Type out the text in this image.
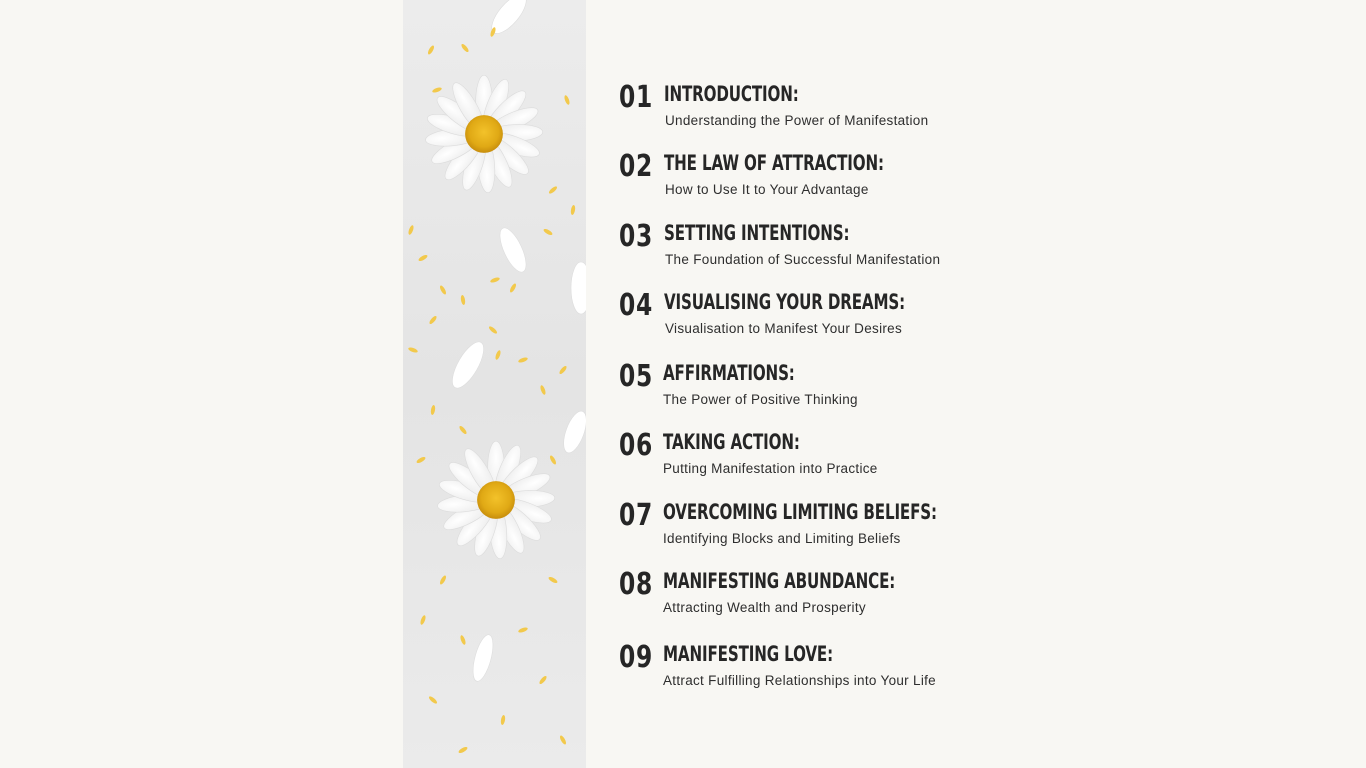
01 INTRODUCTION:
Understanding the Power of Manifestation
02 THE LAW OF ATTRACTION:
How to Use It to Your Advantage
03 SETTING INTENTIONS:
The Foundation of Successful Manifestation
04 VISUALISING YOUR DREAMS:
Visualisation to Manifest Your Desires
05 AFFIRMATIONS:
The Power of Positive Thinking
06 TAKING ACTION:
Putting Manifestation into Practice
07 OVERCOMING LIMITING BELIEFS:
Identifying Blocks and Limiting Beliefs
08 MANIFESTING ABUNDANCE:
Attracting Wealth and Prosperity
09 MANIFESTING LOVE:
Attract Fulfilling Relationships into Your Life
